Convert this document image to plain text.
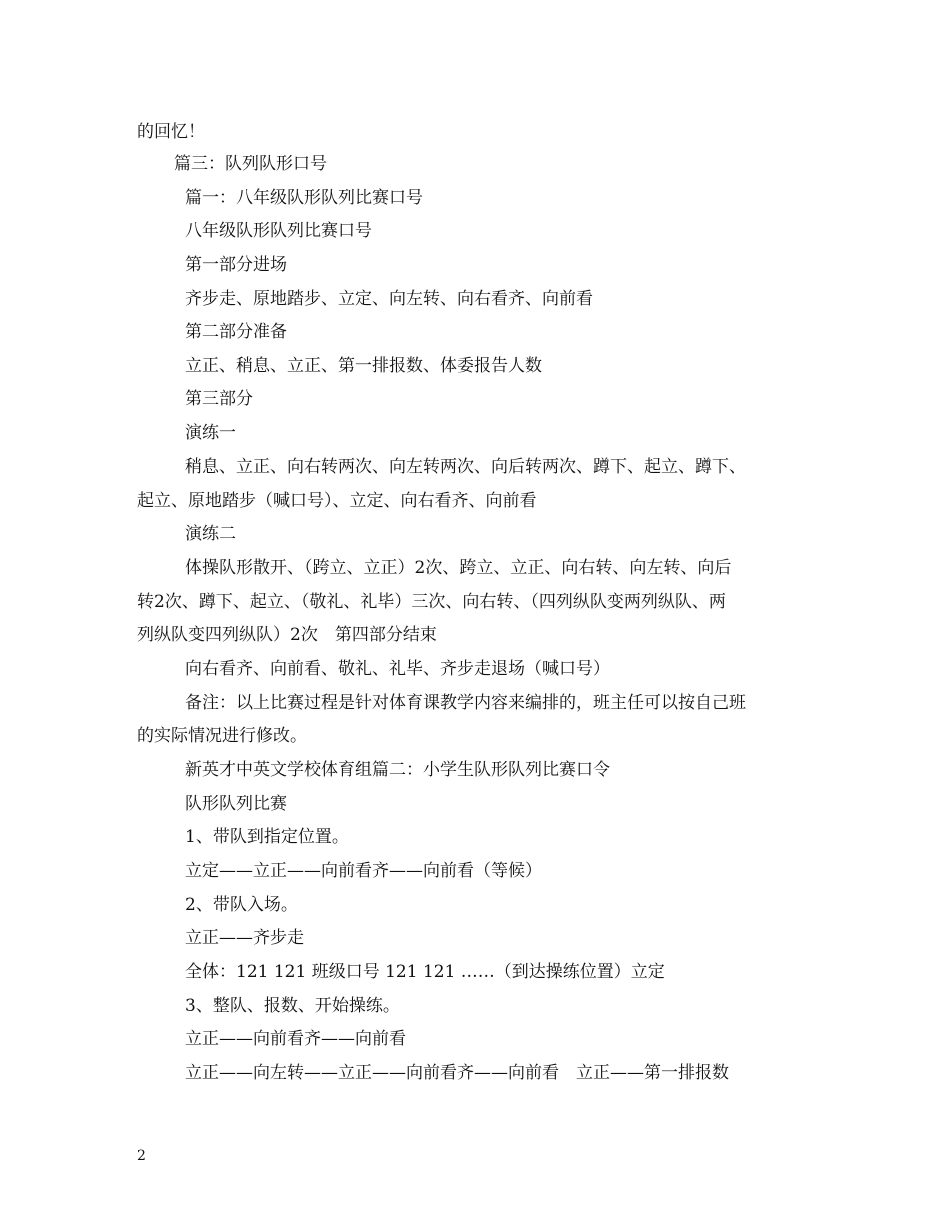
的回忆！
篇三：队列队形口号
篇一：八年级队形队列比赛口号
八年级队形队列比赛口号
第一部分进场
齐步走、原地踏步、立定、向左转、向右看齐、向前看
第二部分准备
立正、稍息、立正、第一排报数、体委报告人数
第三部分
演练一
稍息、立正、向右转两次、向左转两次、向后转两次、蹲下、起立、蹲下、
起立、原地踏步（喊口号）、立定、向右看齐、向前看
演练二
体操队形散开、（跨立、立正）2次、跨立、立正、向右转、向左转、向后
转2次、蹲下、起立、（敬礼、礼毕）三次、向右转、（四列纵队变两列纵队、两
列纵队变四列纵队）2次　第四部分结束
向右看齐、向前看、敬礼、礼毕、齐步走退场（喊口号）
备注：以上比赛过程是针对体育课教学内容来编排的，班主任可以按自己班
的实际情况进行修改。
新英才中英文学校体育组篇二：小学生队形队列比赛口令
队形队列比赛
1、带队到指定位置。
立定——立正——向前看齐——向前看（等候）
2、带队入场。
立正——齐步走
全体：121 121 班级口号 121 121 ……（到达操练位置）立定
3、整队、报数、开始操练。
立正——向前看齐——向前看
立正——向左转——立正——向前看齐——向前看　立正——第一排报数
2
